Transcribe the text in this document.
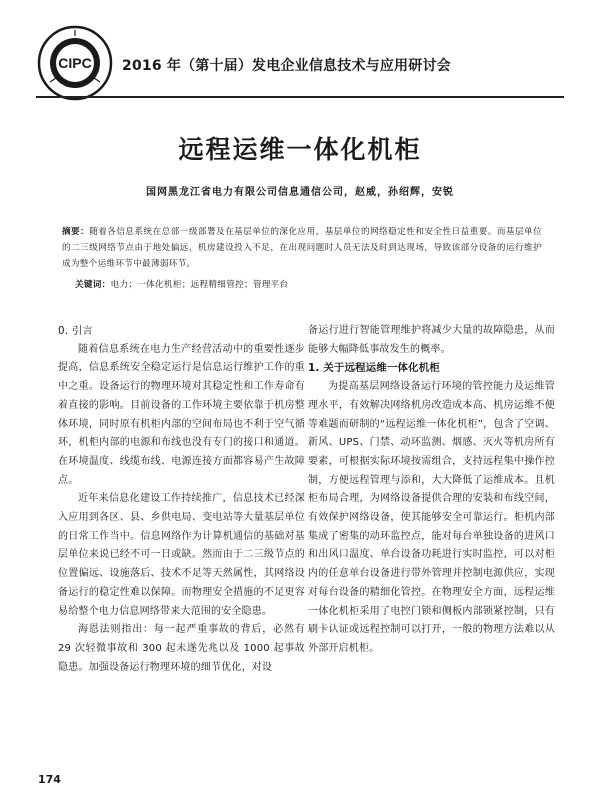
CIPC 2016 年（第十届）发电企业信息技术与应用研讨会
远程运维一体化机柜
国网黑龙江省电力有限公司信息通信公司，赵威，孙绍辉，安锐
摘要：随着各信息系统在总部一级部署及在基层单位的深化应用，基层单位的网络稳定性和安全性日益重要。而基层单位的二三级网络节点由于地处偏远，机房建设投入不足，在出现问题时人员无法及时到达现场，导致该部分设备的运行维护成为整个运维环节中最薄弱环节。
关键词：电力；一体化机柜；远程精细管控；管理平台
0. 引言

随着信息系统在电力生产经营活动中的重要性逐步提高，信息系统安全稳定运行是信息运行维护工作的重中之重。设备运行的物理环境对其稳定性和工作寿命有着直接的影响。目前设备的工作环境主要依靠于机房整体环境，同时原有机柜内部的空间布局也不利于空气循环，机柜内部的电源和布线也没有专门的接口和通道。在环境温度、线缆布线、电源连接方面都容易产生故障点。

近年来信息化建设工作持续推广，信息技术已经深入应用到各区、县、乡供电局、变电站等大量基层单位的日常工作当中。信息网络作为计算机通信的基础对基层单位来说已经不可一日或缺。然而由于二三级节点的位置偏远、设施落后、技术不足等天然属性，其网络设备运行的稳定性难以保障。而物理安全措施的不足更容易给整个电力信息网络带来大范围的安全隐患。

海恩法则指出：每一起严重事故的背后，必然有 29 次轻微事故和 300 起未遂先兆以及 1000 起事故隐患。加强设备运行物理环境的细节优化，对设

备运行进行智能管理维护将减少大量的故障隐患，从而能够大幅降低事故发生的概率。

1. 关于远程运维一体化机柜

为提高基层网络设备运行环境的管控能力及运维管理水平，有效解决网络机房改造成本高、机房运维不便等难题而研制的“远程运维一体化机柜”，包含了空调、新风、UPS、门禁、动环监测、烟感、灭火等机房所有要素，可根据实际环境按需组合，支持远程集中操作控制，方便远程管理与添和，大大降低了运维成本。且机柜布局合理，为网络设备提供合理的安装和布线空间，有效保护网络设备，使其能够安全可靠运行。柜机内部集成了密集的动环监控点，能对每台单独设备的进风口和出风口温度、单台设备功耗进行实时监控，可以对柜内的任意单台设备进行带外管理并控制电源供应，实现对每台设备的精细化管控。在物理安全方面，远程运维一体化机柜采用了电控门锁和侧板内部锁紧控制，只有刷卡认证或远程控制可以打开，一般的物理方法难以从外部开启机柜。

174
